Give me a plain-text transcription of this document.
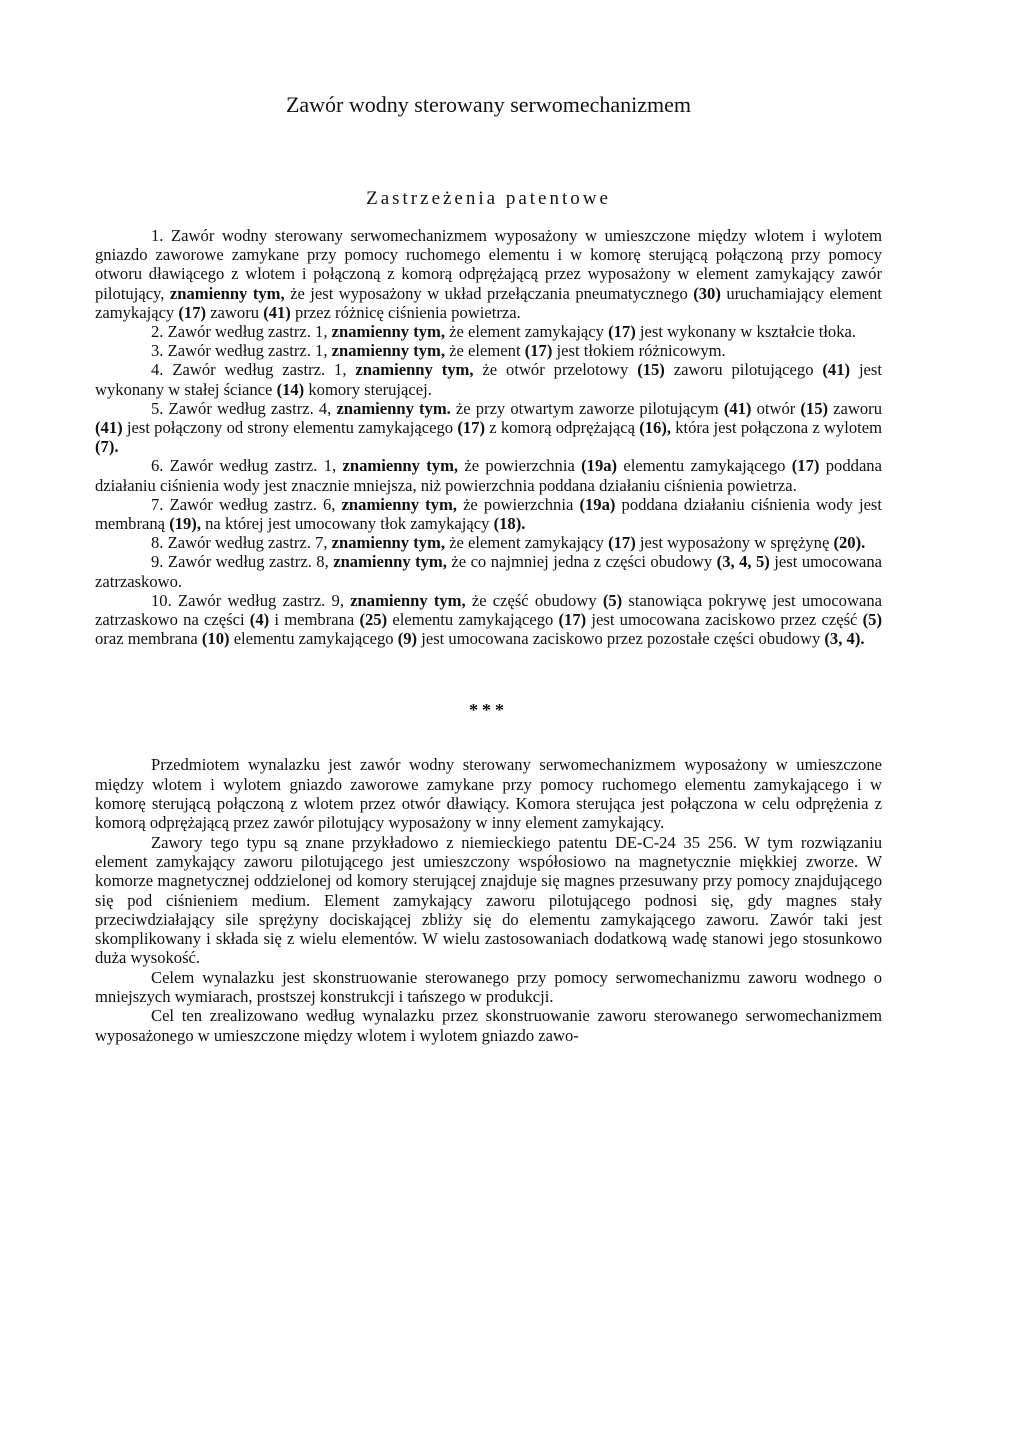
Zawór wodny sterowany serwomechanizmem
Zastrzeżenia patentowe

1. Zawór wodny sterowany serwomechanizmem wyposażony w umieszczone między wlotem i wylotem gniazdo zaworowe zamykane przy pomocy ruchomego elementu i w komorę sterującą połączoną przy pomocy otworu dławiącego z wlotem i połączoną z komorą odprężającą przez wyposażony w element zamykający zawór pilotujący, znamienny tym, że jest wyposażony w układ przełączania pneumatycznego (30) uruchamiający element zamykający (17) zaworu (41) przez różnicę ciśnienia powietrza.

2. Zawór według zastrz. 1, znamienny tym, że element zamykający (17) jest wykonany w kształcie tłoka.

3. Zawór według zastrz. 1, znamienny tym, że element (17) jest tłokiem różnicowym.

4. Zawór według zastrz. 1, znamienny tym, że otwór przelotowy (15) zaworu pilotującego (41) jest wykonany w stałej ściance (14) komory sterującej.

5. Zawór według zastrz. 4, znamienny tym. że przy otwartym zaworze pilotującym (41) otwór (15) zaworu (41) jest połączony od strony elementu zamykającego (17) z komorą odprężającą (16), która jest połączona z wylotem (7).

6. Zawór według zastrz. 1, znamienny tym, że powierzchnia (19a) elementu zamykającego (17) poddana działaniu ciśnienia wody jest znacznie mniejsza, niż powierzchnia poddana działaniu ciśnienia powietrza.

7. Zawór według zastrz. 6, znamienny tym, że powierzchnia (19a) poddana działaniu ciśnienia wody jest membraną (19), na której jest umocowany tłok zamykający (18).

8. Zawór według zastrz. 7, znamienny tym, że element zamykający (17) jest wyposażony w sprężynę (20).

9. Zawór według zastrz. 8, znamienny tym, że co najmniej jedna z części obudowy (3, 4, 5) jest umocowana zatrzaskowo.

10. Zawór według zastrz. 9, znamienny tym, że część obudowy (5) stanowiąca pokrywę jest umocowana zatrzaskowo na części (4) i membrana (25) elementu zamykającego (17) jest umocowana zaciskowo przez część (5) oraz membrana (10) elementu zamykającego (9) jest umocowana zaciskowo przez pozostałe części obudowy (3, 4).

***

Przedmiotem wynalazku jest zawór wodny sterowany serwomechanizmem wyposażony w umieszczone między wlotem i wylotem gniazdo zaworowe zamykane przy pomocy ruchomego elementu zamykającego i w komorę sterującą połączoną z wlotem przez otwór dławiący. Komora sterująca jest połączona w celu odprężenia z komorą odprężającą przez zawór pilotujący wyposażony w inny element zamykający.

Zawory tego typu są znane przykładowo z niemieckiego patentu DE-C-24 35 256. W tym rozwiązaniu element zamykający zaworu pilotującego jest umieszczony współosiowo na magnetycznie miękkiej zworze. W komorze magnetycznej oddzielonej od komory sterującej znajduje się magnes przesuwany przy pomocy znajdującego się pod ciśnieniem medium. Element zamykający zaworu pilotującego podnosi się, gdy magnes stały przeciwdziałający sile sprężyny dociskającej zbliży się do elementu zamykającego zaworu. Zawór taki jest skomplikowany i składa się z wielu elementów. W wielu zastosowaniach dodatkową wadę stanowi jego stosunkowo duża wysokość.

Celem wynalazku jest skonstruowanie sterowanego przy pomocy serwomechanizmu zaworu wodnego o mniejszych wymiarach, prostszej konstrukcji i tańszego w produkcji.

Cel ten zrealizowano według wynalazku przez skonstruowanie zaworu sterowanego serwomechanizmem wyposażonego w umieszczone między wlotem i wylotem gniazdo zawo-
